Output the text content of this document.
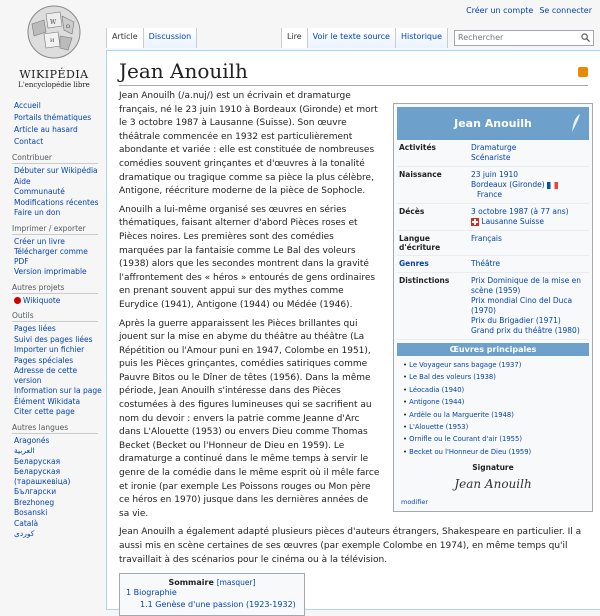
Créer un compte Se connecter
W
Ω
И
WIKIPÉDIA
L'encyclopédie libre
Article	Discussion	Lire	Voir le texte source	Historique	Rechercher
Accueil
Portails thématiques
Article au hasard
Contact
Contribuer
Débuter sur Wikipédia
Aide
Communauté
Modifications récentes
Faire un don
Imprimer / exporter
Créer un livre
Télécharger comme PDF
Version imprimable
Autres projets
Wikiquote
Outils
Pages liées
Suivi des pages liées
Importer un fichier
Pages spéciales
Adresse de cette version
Information sur la page
Élément Wikidata
Citer cette page
Autres langues
Aragonés
العربية
Беларуская
Беларуская (тарашкевіца)
Български
Brezhoneg
Bosanski
Català
کوردی
Jean Anouilh

Jean Anouilh (/a.nuj/) est un écrivain et dramaturge français, né le 23 juin 1910 à Bordeaux (Gironde) et mort le 3 octobre 1987 à Lausanne (Suisse). Son œuvre théâtrale commencée en 1932 est particulièrement abondante et variée : elle est constituée de nombreuses comédies souvent grinçantes et d'œuvres à la tonalité dramatique ou tragique comme sa pièce la plus célèbre, Antigone, réécriture moderne de la pièce de Sophocle.

Anouilh a lui-même organisé ses œuvres en séries thématiques, faisant alterner d'abord Pièces roses et Pièces noires. Les premières sont des comédies marquées par la fantaisie comme Le Bal des voleurs (1938) alors que les secondes montrent dans la gravité l'affrontement des « héros » entourés de gens ordinaires en prenant souvent appui sur des mythes comme Eurydice (1941), Antigone (1944) ou Médée (1946).

Après la guerre apparaissent les Pièces brillantes qui jouent sur la mise en abyme du théâtre au théâtre (La Répétition ou l'Amour puni en 1947, Colombe en 1951), puis les Pièces grinçantes, comédies satiriques comme Pauvre Bitos ou le Dîner de têtes (1956). Dans la même période, Jean Anouilh s'intéresse dans des Pièces costumées à des figures lumineuses qui se sacrifient au nom du devoir : envers la patrie comme Jeanne d'Arc dans L'Alouette (1953) ou envers Dieu comme Thomas Becket (Becket ou l'Honneur de Dieu en 1959). Le dramaturge a continué dans le même temps à servir le genre de la comédie dans le même esprit où il mêle farce et ironie (par exemple Les Poissons rouges ou Mon père ce héros en 1970) jusque dans les dernières années de sa vie.

Jean Anouilh a également adapté plusieurs pièces d'auteurs étrangers, Shakespeare en particulier. Il a aussi mis en scène certaines de ses œuvres (par exemple Colombe en 1974), en même temps qu'il travaillait à des scénarios pour le cinéma ou à la télévision.

Sommaire [masquer]
1 Biographie
1.1 Genèse d'une passion (1923-1932)
Jean Anouilh
Activités	Dramaturge
Scénariste
Naissance	23 juin 1910
Bordeaux (Gironde)
France
Décès	3 octobre 1987 (à 77 ans)
Lausanne Suisse
Langue d'écriture
Français
Genres	Théâtre
Distinctions	Prix Dominique de la mise en scène (1959)
Prix mondial Cino del Duca (1970)
Prix du Brigadier (1971)
Grand prix du théâtre (1980)
Œuvres principales
• Le Voyageur sans bagage (1937)
• Le Bal des voleurs (1938)
• Léocadia (1940)
• Antigone (1944)
• Ardèle ou la Marguerite (1948)
• L'Alouette (1953)
• Ornifle ou le Courant d'air (1955)
• Becket ou l'Honneur de Dieu (1959)
Signature
Jean Anouilh
modifier
